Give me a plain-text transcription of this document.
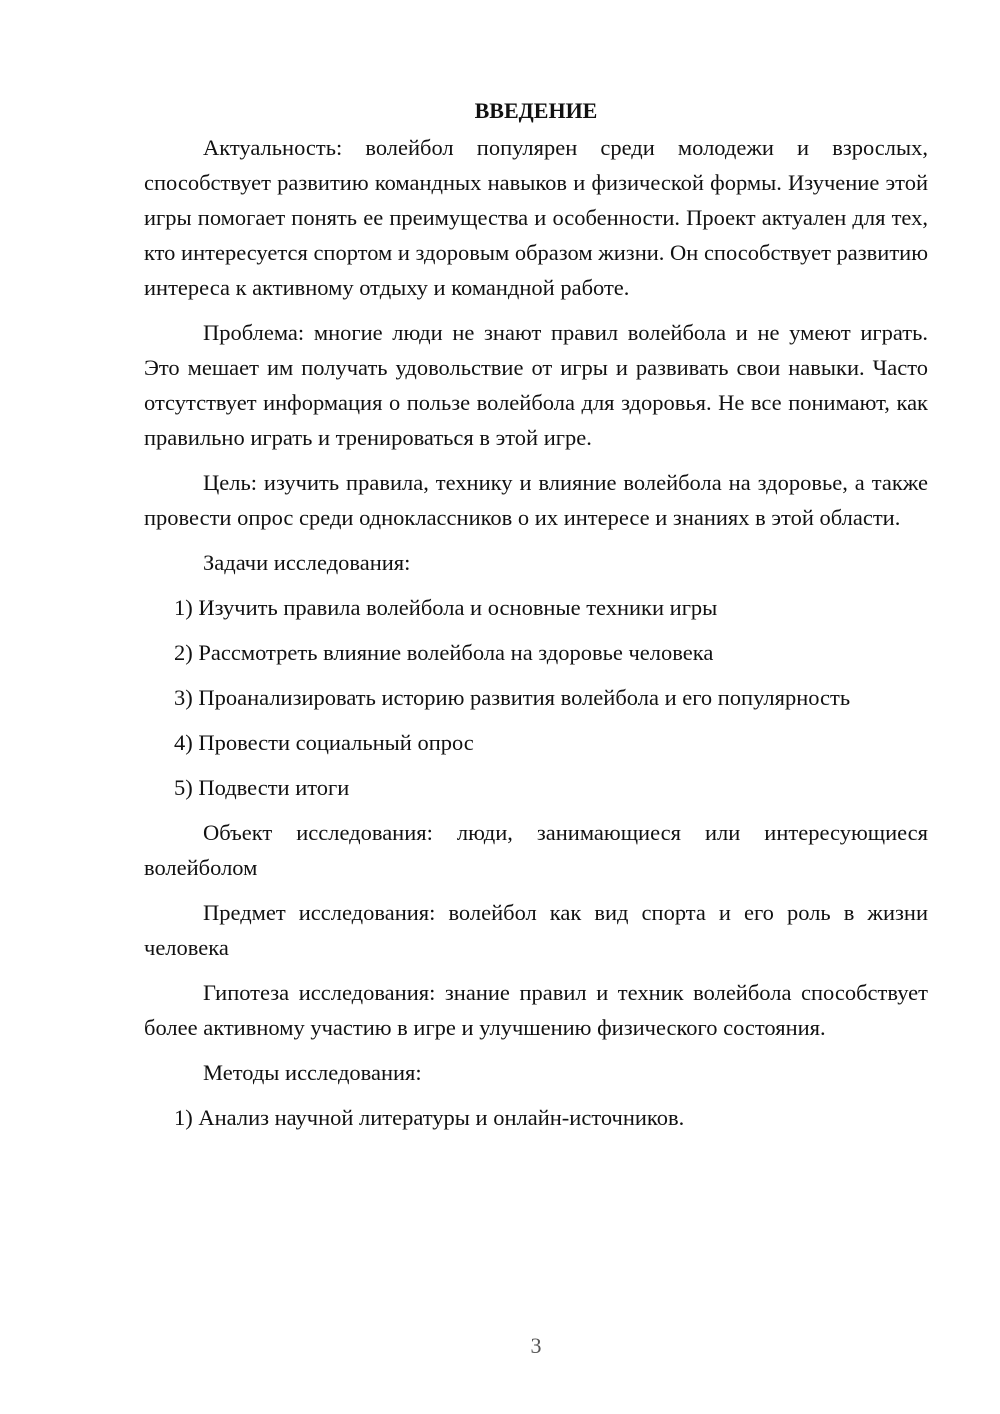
ВВЕДЕНИЕ

Актуальность: волейбол популярен среди молодежи и взрослых, способствует развитию командных навыков и физической формы. Изучение этой игры помогает понять ее преимущества и особенности. Проект актуален для тех, кто интересуется спортом и здоровым образом жизни. Он способствует развитию интереса к активному отдыху и командной работе.

Проблема: многие люди не знают правил волейбола и не умеют играть. Это мешает им получать удовольствие от игры и развивать свои навыки. Часто отсутствует информация о пользе волейбола для здоровья. Не все понимают, как правильно играть и тренироваться в этой игре.

Цель: изучить правила, технику и влияние волейбола на здоровье, а также провести опрос среди одноклассников о их интересе и знаниях в этой области.

Задачи исследования:

1) Изучить правила волейбола и основные техники игры

2) Рассмотреть влияние волейбола на здоровье человека

3) Проанализировать историю развития волейбола и его популярность

4) Провести социальный опрос

5) Подвести итоги

Объект исследования: люди, занимающиеся или интересующиеся волейболом

Предмет исследования: волейбол как вид спорта и его роль в жизни человека

Гипотеза исследования: знание правил и техник волейбола способствует более активному участию в игре и улучшению физического состояния.

Методы исследования:

1) Анализ научной литературы и онлайн-источников.

3
